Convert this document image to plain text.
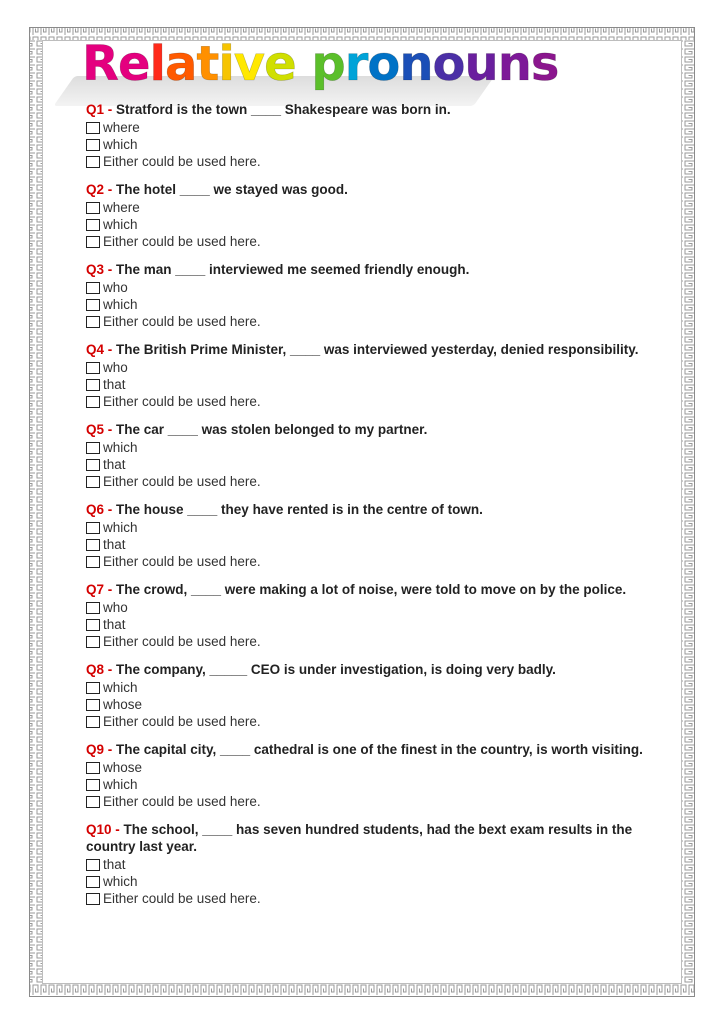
Relative pronouns

Q1 - Stratford is the town ____ Shakespeare was born in.

where
which
Either could be used here.

Q2 - The hotel ____ we stayed was good.

where
which
Either could be used here.

Q3 - The man ____ interviewed me seemed friendly enough.

who
which
Either could be used here.

Q4 - The British Prime Minister, ____ was interviewed yesterday, denied responsibility.

who
that
Either could be used here.

Q5 - The car ____ was stolen belonged to my partner.

which
that
Either could be used here.

Q6 - The house ____ they have rented is in the centre of town.

which
that
Either could be used here.

Q7 - The crowd, ____ were making a lot of noise, were told to move on by the police.

who
that
Either could be used here.

Q8 - The company, _____ CEO is under investigation, is doing very badly.

which
whose
Either could be used here.

Q9 - The capital city, ____ cathedral is one of the finest in the country, is worth visiting.

whose
which
Either could be used here.

Q10 - The school, ____ has seven hundred students, had the bext exam results in the country last year.

that
which
Either could be used here.
